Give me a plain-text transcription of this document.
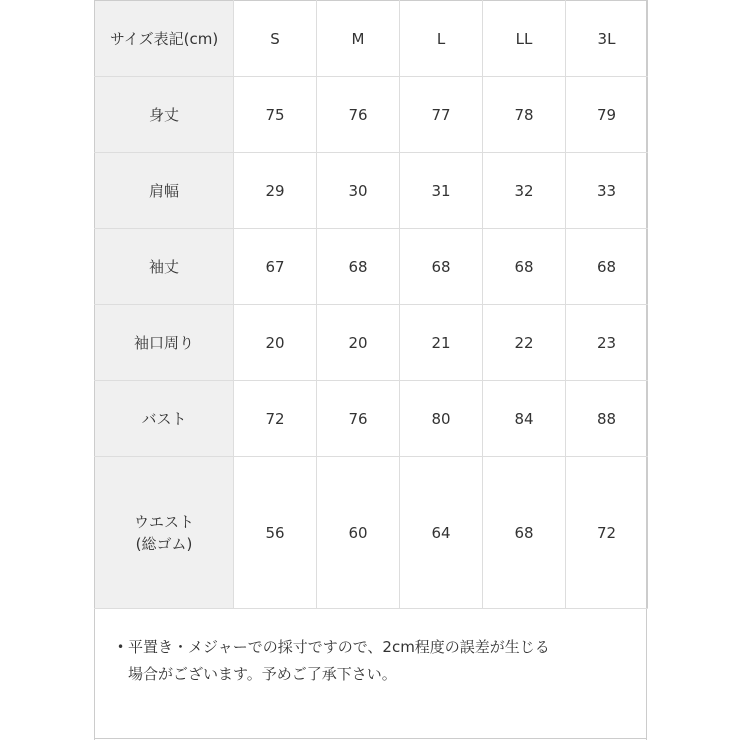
サイズ表記(cm)	S	M	L	LL	3L
身丈	75	76	77	78	79
肩幅	29	30	31	32	33
袖丈	67	68	68	68	68
袖口周り	20	20	21	22	23
バスト	72	76	80	84	88

ウエスト
(総ゴム)	56	60	64	68	72
• 平置き・メジャーでの採寸ですので、2cm程度の誤差が生じる
場合がございます。予めご了承下さい。
